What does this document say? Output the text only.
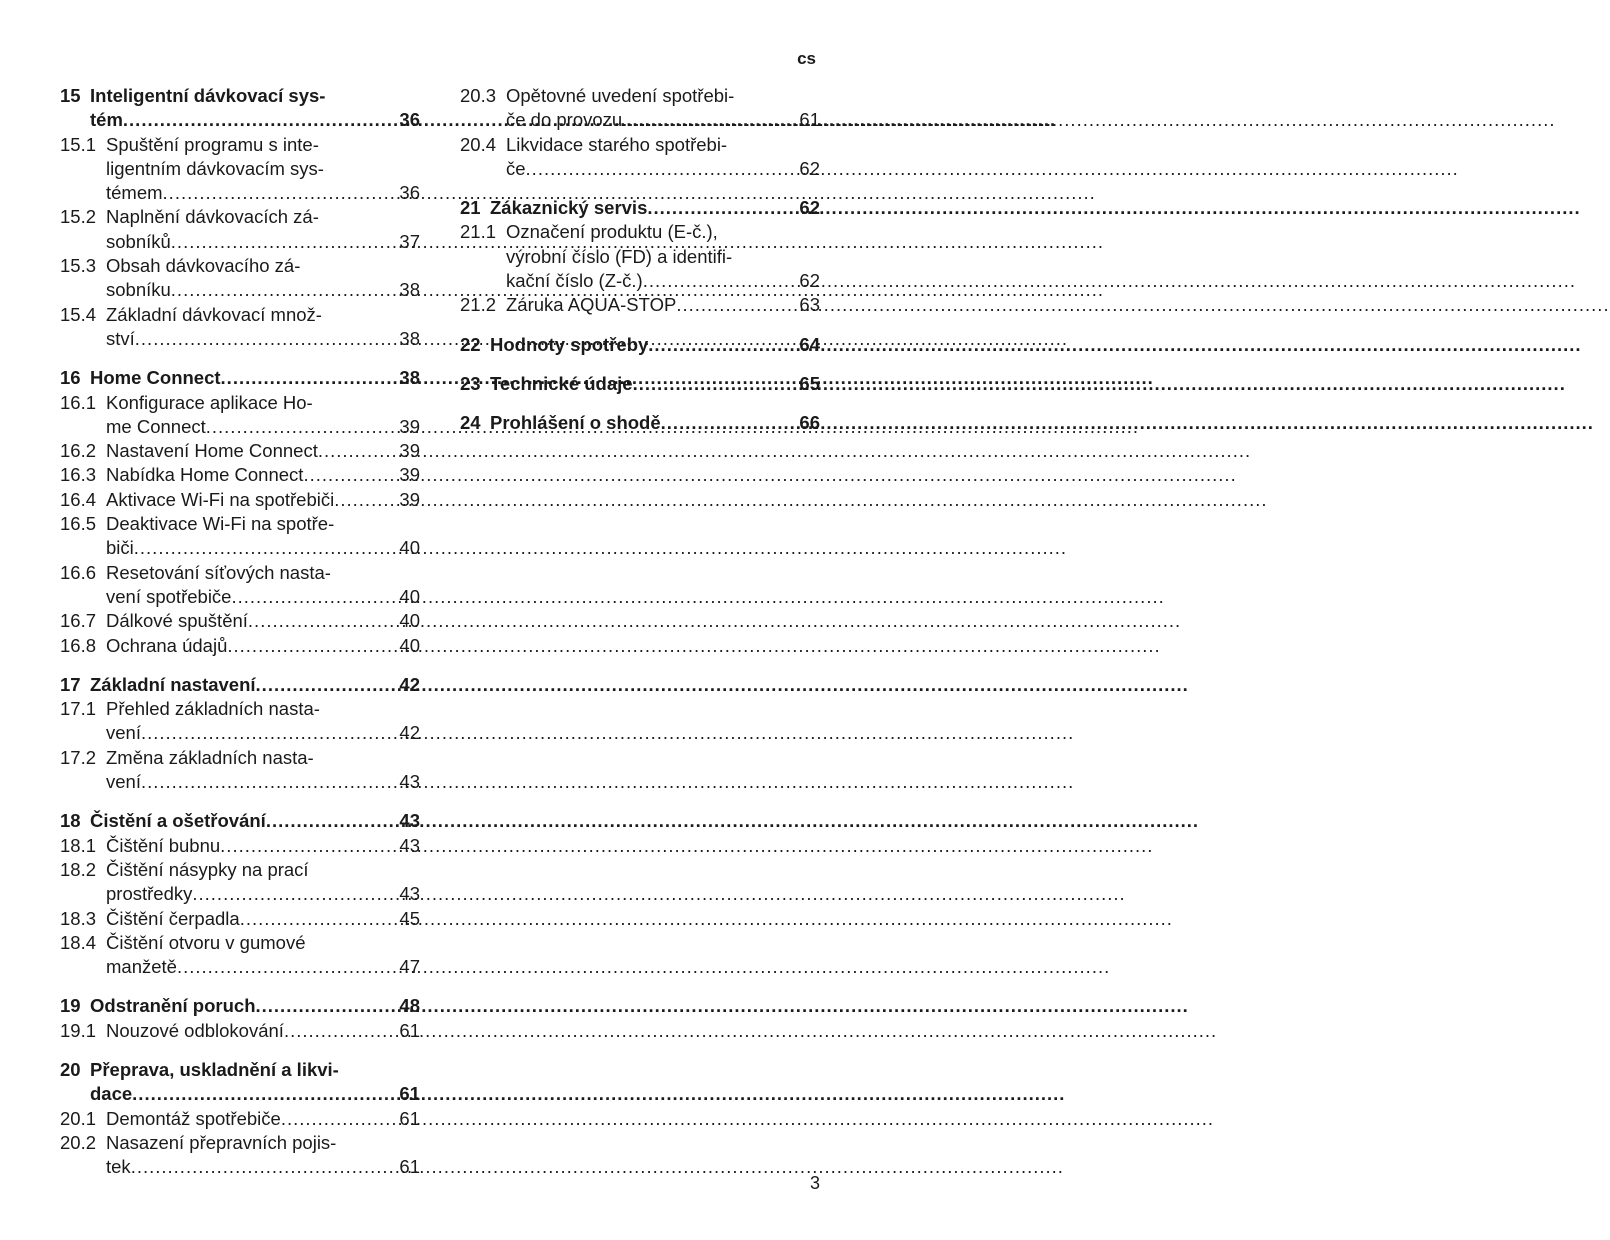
cs
15 Inteligentní dávkovací sys-
tém .....	36
15.1 Spuštění programu s inte-
ligentním dávkovacím sys-
témem .....	36
15.2 Naplnění dávkovacích zá-
sobníků .....	37
15.3 Obsah dávkovacího zá-
sobníku .....	38
15.4 Základní dávkovací množ-
ství .....	38
16 Home Connect .....	38
16.1 Konfigurace aplikace Ho-
me Connect .....	39
16.2 Nastavení Home Connect .....	39
16.3 Nabídka Home Connect .....	39
16.4 Aktivace Wi-Fi na spotřebiči .....	39
16.5 Deaktivace Wi-Fi na spotře-
biči .....	40
16.6 Resetování síťových nasta-
vení spotřebiče .....	40
16.7 Dálkové spuštění .....	40
16.8 Ochrana údajů .....	40
17 Základní nastavení .....	42
17.1 Přehled základních nasta-
vení .....	42
17.2 Změna základních nasta-
vení .....	43
18 Čistění a ošetřování .....	43
18.1 Čištění bubnu .....	43
18.2 Čištění násypky na prací
prostředky .....	43
18.3 Čištění čerpadla .....	45
18.4 Čištění otvoru v gumové
manžetě .....	47
19 Odstranění poruch .....	48
19.1 Nouzové odblokování .....	61
20 Přeprava, uskladnění a likvi-
dace .....	61
20.1 Demontáž spotřebiče .....	61
20.2 Nasazení přepravních pojis-
tek .....	61
20.3 Opětovné uvedení spotřebi-
če do provozu .....	61
20.4 Likvidace starého spotřebi-
če .....	62
21 Zákaznický servis .....	62
21.1 Označení produktu (E-č.),
výrobní číslo (FD) a identifi-
kační číslo (Z-č.) .....	62
21.2 Záruka AQUA-STOP .....	63
22 Hodnoty spotřeby .....	64
23 Technické údaje .....	65
24 Prohlášení o shodě .....	66
3
